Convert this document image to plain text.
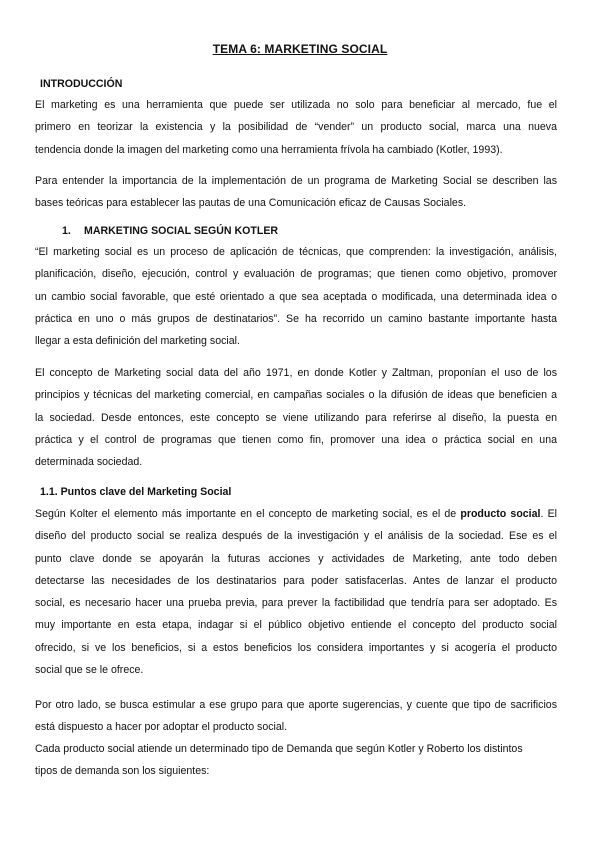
TEMA 6: MARKETING SOCIAL
INTRODUCCIÓN
El marketing es una herramienta que puede ser utilizada no solo para beneficiar al mercado, fue el
primero en teorizar la existencia y la posibilidad de “vender” un producto social, marca una nueva
tendencia donde la imagen del marketing como una herramienta frívola ha cambiado (Kotler, 1993).
Para entender la importancia de la implementación de un programa de Marketing Social se describen las
bases teóricas para establecer las pautas de una Comunicación eficaz de Causas Sociales.
1. MARKETING SOCIAL SEGÚN KOTLER
“El marketing social es un proceso de aplicación de técnicas, que comprenden: la investigación, análisis,
planificación, diseño, ejecución, control y evaluación de programas; que tienen como objetivo, promover
un cambio social favorable, que esté orientado a que sea aceptada o modificada, una determinada idea o
práctica en uno o más grupos de destinatarios”. Se ha recorrido un camino bastante importante hasta
llegar a esta definición del marketing social.
El concepto de Marketing social data del año 1971, en donde Kotler y Zaltman, proponían el uso de los
principios y técnicas del marketing comercial, en campañas sociales o la difusión de ideas que beneficien a
la sociedad. Desde entonces, este concepto se viene utilizando para referirse al diseño, la puesta en
práctica y el control de programas que tienen como fin, promover una idea o práctica social en una
determinada sociedad.
1.1. Puntos clave del Marketing Social
Según Kolter el elemento más importante en el concepto de marketing social, es el de producto social. El
diseño del producto social se realiza después de la investigación y el análisis de la sociedad. Ese es el
punto clave donde se apoyarán la futuras acciones y actividades de Marketing, ante todo deben
detectarse las necesidades de los destinatarios para poder satisfacerlas. Antes de lanzar el producto
social, es necesario hacer una prueba previa, para prever la factibilidad que tendría para ser adoptado. Es
muy importante en esta etapa, indagar si el público objetivo entiende el concepto del producto social
ofrecido, si ve los beneficios, si a estos beneficios los considera importantes y si acogería el producto
social que se le ofrece.
Por otro lado, se busca estimular a ese grupo para que aporte sugerencias, y cuente que tipo de sacrificios
está dispuesto a hacer por adoptar el producto social.
Cada producto social atiende un determinado tipo de Demanda que según Kotler y Roberto los distintos
tipos de demanda son los siguientes:
